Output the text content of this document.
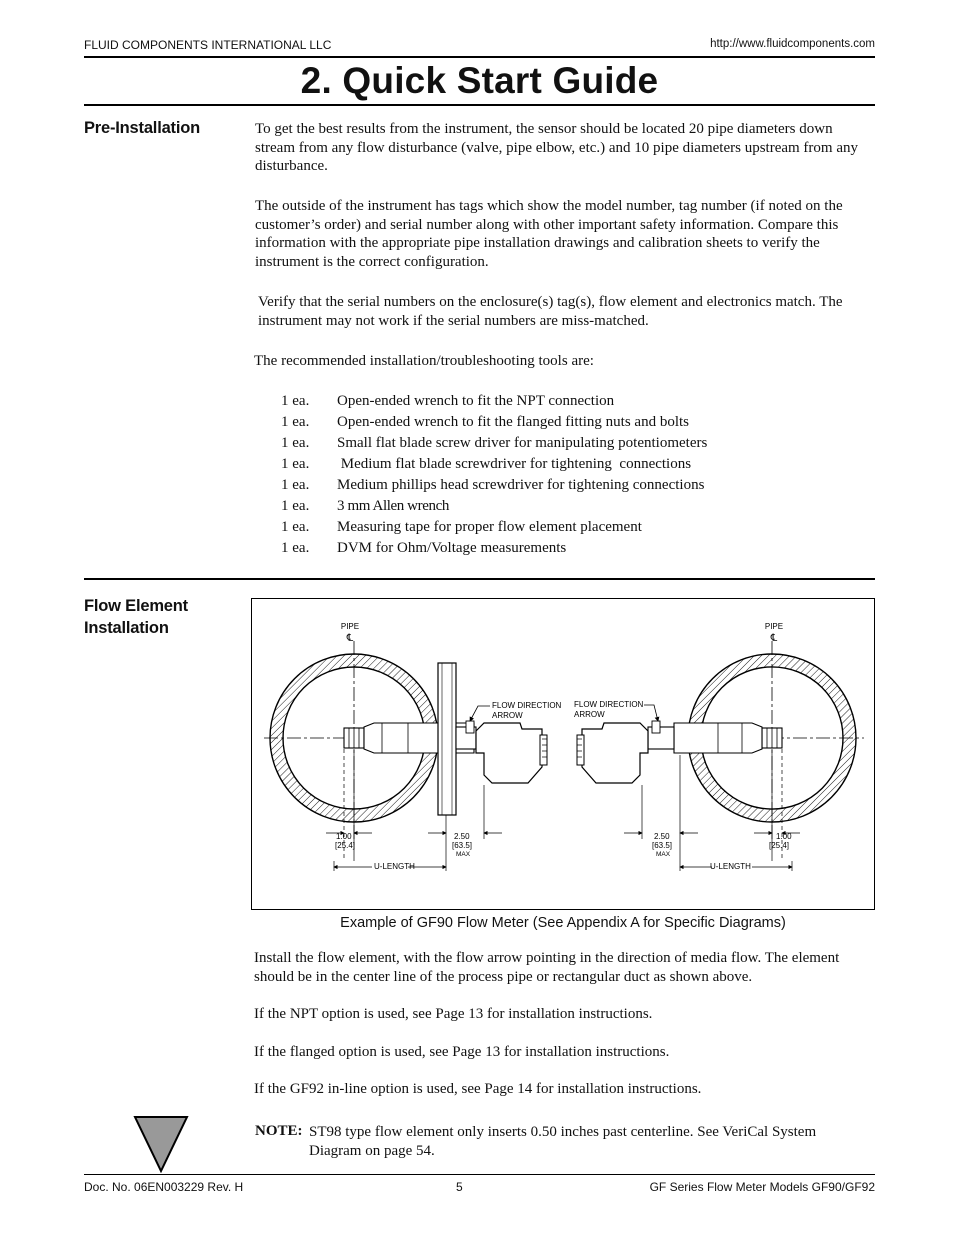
FLUID COMPONENTS INTERNATIONAL LLC	http://www.fluidcomponents.com
2. Quick Start Guide
Pre-Installation	To get the best results from the instrument, the sensor should be located 20 pipe diameters down stream from any flow disturbance (valve, pipe elbow, etc.) and 10 pipe diameters upstream from any disturbance.
The outside of the instrument has tags which show the model number, tag number (if noted on the customer’s order) and serial number along with other important safety information. Compare this information with the appropriate pipe installation drawings and calibration sheets to verify the instrument is the correct configuration.
Verify that the serial numbers on the enclosure(s) tag(s), flow element and electronics match. The instrument may not work if the serial numbers are miss-matched.
The recommended installation/troubleshooting tools are:
1 ea.	Open-ended wrench to fit the NPT connection
1 ea.	Open-ended wrench to fit the flanged fitting nuts and bolts
1 ea.	Small flat blade screw driver for manipulating potentiometers
1 ea.	Medium flat blade screwdriver for tightening  connections
1 ea.	Medium phillips head screwdriver for tightening connections
1 ea.	3 mm Allen wrench
1 ea.	Measuring tape for proper flow element placement
1 ea.	DVM for Ohm/Voltage measurements
Flow Element
Installation	PIPE
℄
PIPE
℄
FLOW DIRECTION
ARROW
FLOW DIRECTION
ARROW
1.00
[25.4]
2.50
[63.5]
MAX
U-LENGTH
2.50
[63.5]
MAX
1.00
[25.4]
U-LENGTH
Example of GF90 Flow Meter (See Appendix A for Specific Diagrams)
Install the flow element, with the flow arrow pointing in the direction of media flow. The element should be in the center line of the process pipe or rectangular duct as shown above.
If the NPT option is used, see Page 13 for installation instructions.
If the flanged option is used, see Page 13 for installation instructions.
If the GF92 in-line option is used, see Page 14 for installation instructions.
NOTE: ST98 type flow element only inserts 0.50 inches past centerline. See VeriCal System Diagram on page 54.
Doc. No. 06EN003229 Rev. H	5	GF Series Flow Meter Models GF90/GF92
